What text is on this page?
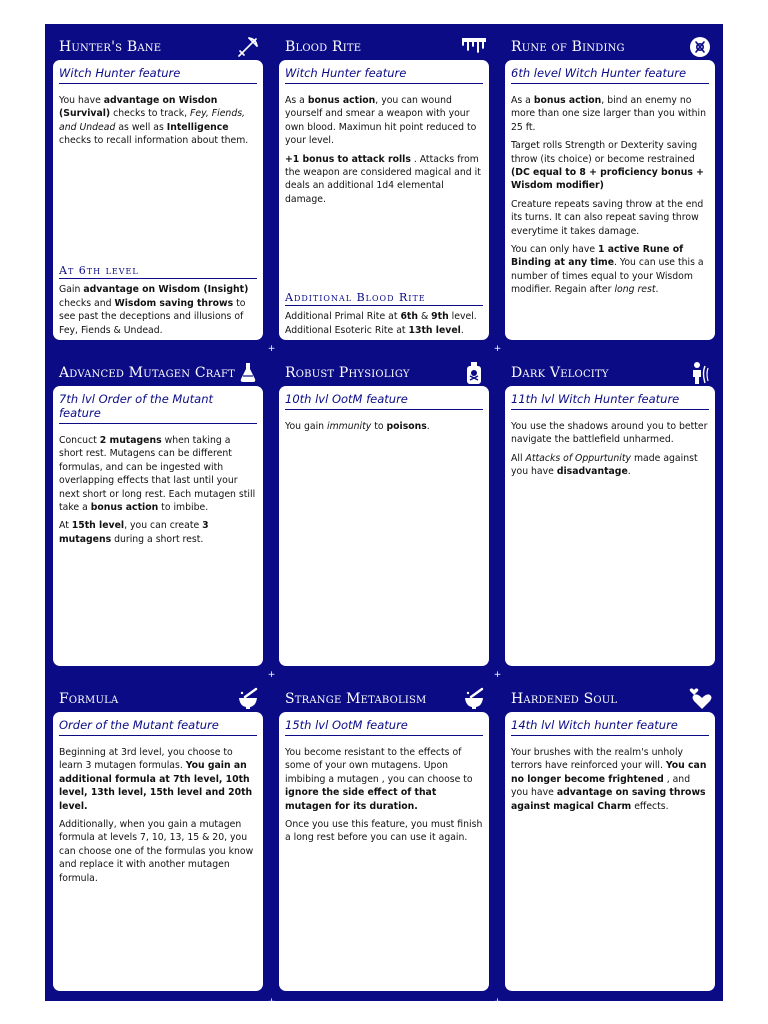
Hunter's Bane
Witch Hunter feature

You have advantage on Wisdon (Survival) checks to track, Fey, Fiends, and Undead as well as Intelligence checks to recall information about them.

At 6th level

Gain advantage on Wisdom (Insight) checks and Wisdom saving throws to see past the deceptions and illusions of Fey, Fiends & Undead.

Blood Rite
Witch Hunter feature

As a bonus action, you can wound yourself and smear a weapon with your own blood. Maximun hit point reduced to your level.

+1 bonus to attack rolls . Attacks from the weapon are considered magical and it deals an additional 1d4 elemental damage.

Additional Blood Rite

Additional Primal Rite at 6th & 9th level.

Additional Esoteric Rite at 13th level.

Rune of Binding
6th level Witch Hunter feature

As a bonus action, bind an enemy no more than one size larger than you within 25 ft.

Target rolls Strength or Dexterity saving throw (its choice) or become restrained (DC equal to 8 + proficiency bonus + Wisdom modifier)

Creature repeats saving throw at the end its turns. It can also repeat saving throw everytime it takes damage.

You can only have 1 active Rune of Binding at any time. You can use this a number of times equal to your Wisdom modifier. Regain after long rest.

Advanced Mutagen Craft
7th lvl Order of the Mutant feature

Concuct 2 mutagens when taking a short rest. Mutagens can be different formulas, and can be ingested with overlapping effects that last until your next short or long rest. Each mutagen still take a bonus action to imbibe.

At 15th level, you can create 3 mutagens during a short rest.

Robust Physioligy
10th lvl OotM feature

You gain immunity to poisons.

Dark Velocity
11th lvl Witch Hunter feature

You use the shadows around you to better navigate the battlefield unharmed.

All Attacks of Oppurtunity made against you have disadvantage.

Formula
Order of the Mutant feature

Beginning at 3rd level, you choose to learn 3 mutagen formulas. You gain an additional formula at 7th level, 10th level, 13th level, 15th level and 20th level.

Additionally, when you gain a mutagen formula at levels 7, 10, 13, 15 & 20, you can choose one of the formulas you know and replace it with another mutagen formula.

Strange Metabolism
15th lvl OotM feature

You become resistant to the effects of some of your own mutagens. Upon imbibing a mutagen , you can choose to ignore the side effect of that mutagen for its duration.

Once you use this feature, you must finish a long rest before you can use it again.

Hardened Soul
14th lvl Witch hunter feature

Your brushes with the realm's unholy terrors have reinforced your will. You can no longer become frightened , and you have advantage on saving throws against magical Charm effects.

+	+
+	+
+	+
+	+
